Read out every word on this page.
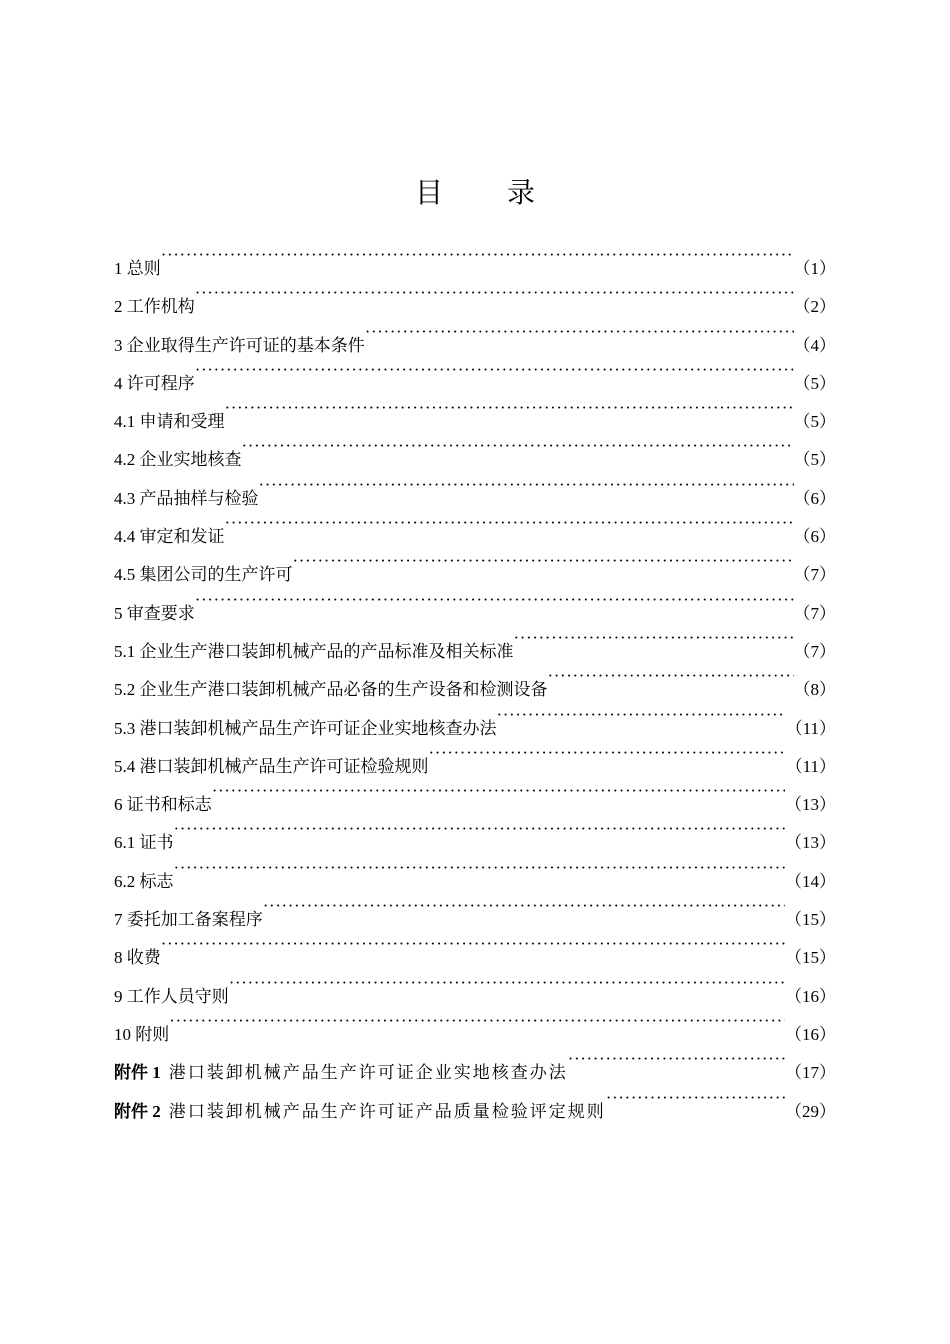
目 录
1 总则 ·····	（1）
2 工作机构 ·····	（2）
3 企业取得生产许可证的基本条件 ·····	（4）
4 许可程序 ·····	（5）
4.1 申请和受理 ·····	（5）
4.2 企业实地核查 ·····	（5）
4.3 产品抽样与检验 ·····	（6）
4.4 审定和发证 ·····	（6）
4.5 集团公司的生产许可 ·····	（7）
5 审查要求 ·····	（7）
5.1 企业生产港口装卸机械产品的产品标准及相关标准 ·····	（7）
5.2 企业生产港口装卸机械产品必备的生产设备和检测设备 ·····	（8）
5.3 港口装卸机械产品生产许可证企业实地核查办法 ·····	（11）
5.4 港口装卸机械产品生产许可证检验规则 ·····	（11）
6 证书和标志 ·····	（13）
6.1 证书 ·····	（13）
6.2 标志 ·····	（14）
7 委托加工备案程序 ·····	（15）
8 收费 ·····	（15）
9 工作人员守则 ·····	（16）
10 附则 ·····	（16）
附件 1 港口装卸机械产品生产许可证企业实地核查办法 ·····	（17）
附件 2 港口装卸机械产品生产许可证产品质量检验评定规则 ·····	（29）
